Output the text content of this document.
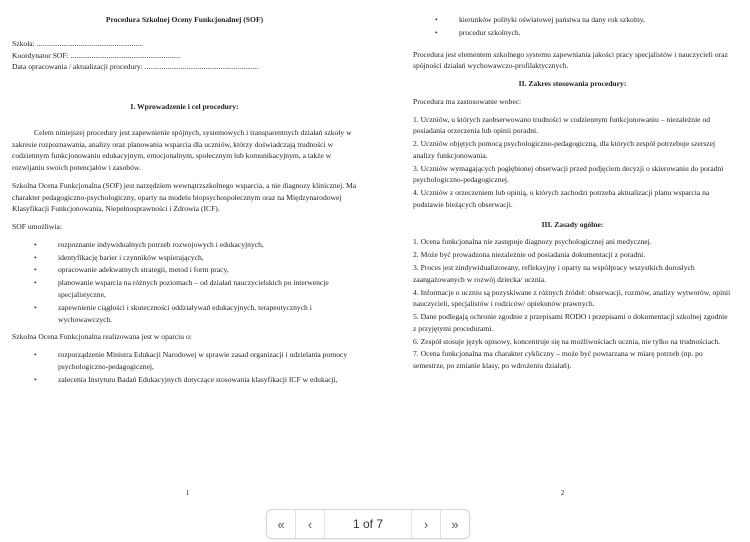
Procedura Szkolnej Oceny Funkcjonalnej (SOF)
Szkoła: ........................................................
Koordynator SOF: ..........................................................
Data opracowania / aktualizacji procedury: ............................................................
I. Wprowadzenie i cel procedury:

Celem niniejszej procedury jest zapewnienie spójnych, systemowych i transparentnych działań szkoły w zakresie rozpoznawania, analizy oraz planowania wsparcia dla uczniów, którzy doświadczają trudności w codziennym funkcjonowaniu edukacyjnym, emocjonalnym, społecznym lub komunikacyjnym, a także w rozwijaniu swoich potencjałów i zasobów.

Szkolna Ocena Funkcjonalna (SOF) jest narzędziem wewnątrzszkolnego wsparcia, a nie diagnozy klinicznej. Ma charakter pedagogiczno-psychologiczny, oparty na modelu biopsychospołecznym oraz na Międzynarodowej Klasyfikacji Funkcjonowania, Niepełnosprawności i Zdrowia (ICF).

SOF umożliwia:

• rozpoznanie indywidualnych potrzeb rozwojowych i edukacyjnych,
• identyfikację barier i czynników wspierających,
• opracowanie adekwatnych strategii, metod i form pracy,
• planowanie wsparcia na różnych poziomach – od działań nauczycielskich po interwencje specjalistyczne,
• zapewnienie ciągłości i skuteczności oddziaływań edukacyjnych, terapeutycznych i wychowawczych.

Szkolna Ocena Funkcjonalna realizowana jest w oparciu o:

• rozporządzenie Ministra Edukacji Narodowej w sprawie zasad organizacji i udzielania pomocy psychologiczno-pedagogicznej,
• zalecenia Instytutu Badań Edukacyjnych dotyczące stosowania klasyfikacji ICF w edukacji,
1
• kierunków polityki oświatowej państwa na dany rok szkolny,
• procedur szkolnych.

Procedura jest elementem szkolnego systemu zapewniania jakości pracy specjalistów i nauczycieli oraz spójności działań wychowawczo-profilaktycznych.

II. Zakres stosowania procedury:

Procedura ma zastosowanie wobec:

1. Uczniów, u których zaobserwowano trudności w codziennym funkcjonowaniu – niezależnie od posiadania orzeczenia lub opinii poradni.
2. Uczniów objętych pomocą psychologiczno-pedagogiczną, dla których zespół potrzebuje szerszej analizy funkcjonowania.
3. Uczniów wymagających pogłębionej obserwacji przed podjęciem decyzji o skierowaniu do poradni psychologiczno-pedagogicznej.
4. Uczniów z orzeczeniem lub opinią, u których zachodzi potrzeba aktualizacji planu wsparcia na podstawie bieżących obserwacji.
III. Zasady ogólne:
1. Ocena funkcjonalna nie zastępuje diagnozy psychologicznej ani medycznej.
2. Może być prowadzona niezależnie od posiadania dokumentacji z poradni.
3. Proces jest zindywidualizowany, refleksyjny i oparty na współpracy wszystkich dorosłych zaangażowanych w rozwój dziecka/ ucznia.
4. Informacje o uczniu są pozyskiwane z różnych źródeł: obserwacji, rozmów, analizy wytworów, opinii nauczycieli, specjalistów i rodziców/ opiekunów prawnych.
5. Dane podlegają ochronie zgodnie z przepisami RODO i przepisami o dokumentacji szkolnej zgodnie z przyjętymi procedurami.
6. Zespół stosuje język opisowy, koncentruje się na możliwościach ucznia, nie tylko na trudnościach.
7. Ocena funkcjonalna ma charakter cykliczny – może być powtarzana w miarę potrzeb (np. po semestrze, po zmianie klasy, po wdrożeniu działań).
2
« ‹	1 of 7	› »
